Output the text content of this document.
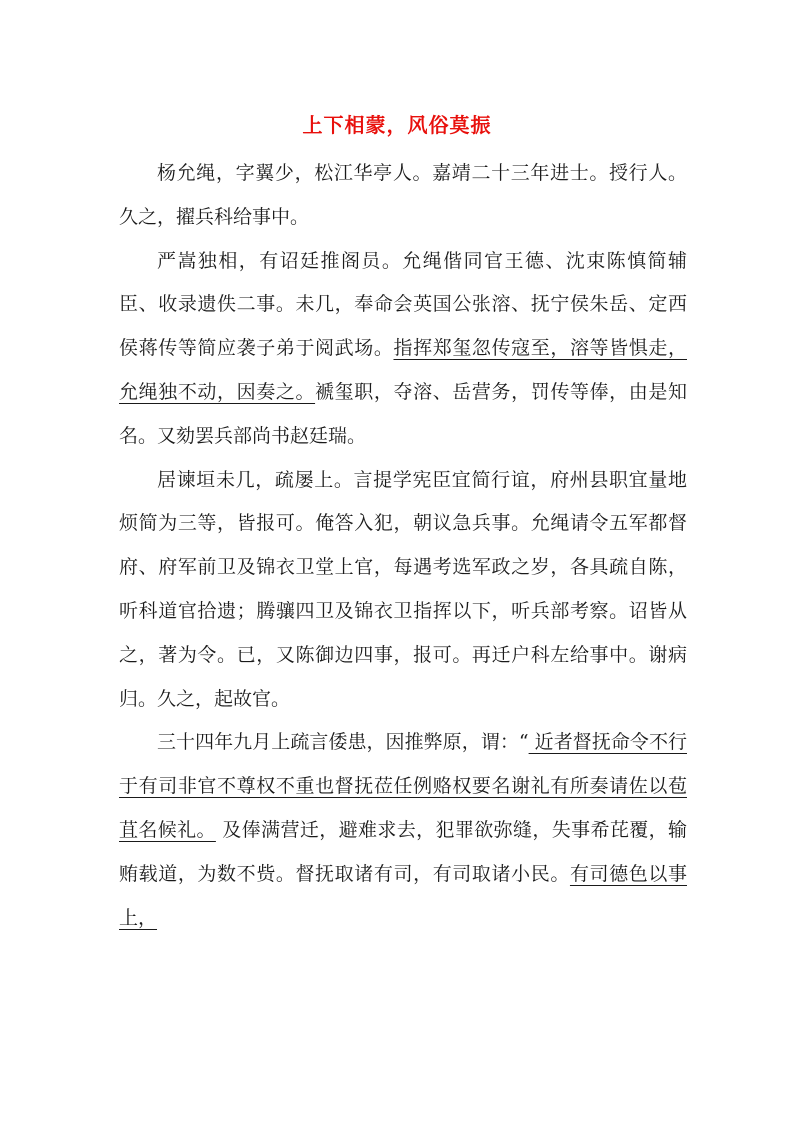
上下相蒙，风俗莫振

杨允绳，字翼少，松江华亭人。嘉靖二十三年进士。授行人。久之，擢兵科给事中。

严嵩独相，有诏廷推阁员。允绳偕同官王德、沈束陈慎简辅臣、收录遗佚二事。未几，奉命会英国公张溶、抚宁侯朱岳、定西侯蒋传等简应袭子弟于阅武场。指挥郑玺忽传寇至，溶等皆惧走，允绳独不动，因奏之。褫玺职，夺溶、岳营务，罚传等俸，由是知名。又劾罢兵部尚书赵廷瑞。

居谏垣未几，疏屡上。言提学宪臣宜简行谊，府州县职宜量地烦简为三等，皆报可。俺答入犯，朝议急兵事。允绳请令五军都督府、府军前卫及锦衣卫堂上官，每遇考选军政之岁，各具疏自陈，听科道官拾遗；腾骧四卫及锦衣卫指挥以下，听兵部考察。诏皆从之，著为令。已，又陈御边四事，报可。再迁户科左给事中。谢病归。久之，起故官。

三十四年九月上疏言倭患，因推弊原，谓：“ 近者督抚命令不行于有司非官不尊权不重也督抚莅任例赂权要名谢礼有所奏请佐以苞苴名候礼。 及俸满营迁，避难求去，犯罪欲弥缝，失事希芘覆，输贿载道，为数不赀。督抚取诸有司，有司取诸小民。有司德色以事上，
